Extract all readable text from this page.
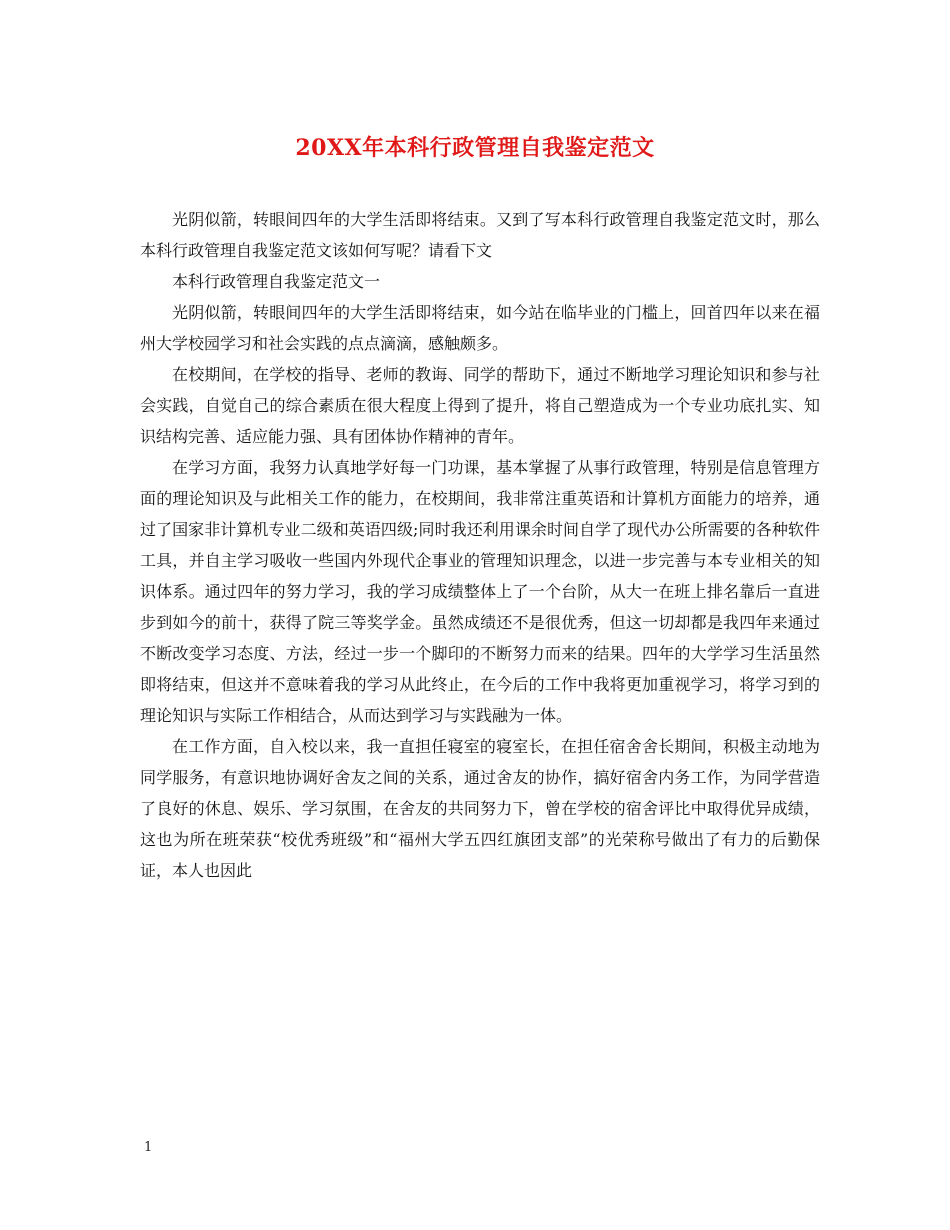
20XX年本科行政管理自我鉴定范文

光阴似箭，转眼间四年的大学生活即将结束。又到了写本科行政管理自我鉴定范文时，那么本科行政管理自我鉴定范文该如何写呢？请看下文

本科行政管理自我鉴定范文一

光阴似箭，转眼间四年的大学生活即将结束，如今站在临毕业的门槛上，回首四年以来在福州大学校园学习和社会实践的点点滴滴，感触颇多。

在校期间，在学校的指导、老师的教诲、同学的帮助下，通过不断地学习理论知识和参与社会实践，自觉自己的综合素质在很大程度上得到了提升，将自己塑造成为一个专业功底扎实、知识结构完善、适应能力强、具有团体协作精神的青年。

在学习方面，我努力认真地学好每一门功课，基本掌握了从事行政管理，特别是信息管理方面的理论知识及与此相关工作的能力，在校期间，我非常注重英语和计算机方面能力的培养，通过了国家非计算机专业二级和英语四级;同时我还利用课余时间自学了现代办公所需要的各种软件工具，并自主学习吸收一些国内外现代企事业的管理知识理念，以进一步完善与本专业相关的知识体系。通过四年的努力学习，我的学习成绩整体上了一个台阶，从大一在班上排名靠后一直进步到如今的前十，获得了院三等奖学金。虽然成绩还不是很优秀，但这一切却都是我四年来通过不断改变学习态度、方法，经过一步一个脚印的不断努力而来的结果。四年的大学学习生活虽然即将结束，但这并不意味着我的学习从此终止，在今后的工作中我将更加重视学习，将学习到的理论知识与实际工作相结合，从而达到学习与实践融为一体。

在工作方面，自入校以来，我一直担任寝室的寝室长，在担任宿舍舍长期间，积极主动地为同学服务，有意识地协调好舍友之间的关系，通过舍友的协作，搞好宿舍内务工作，为同学营造了良好的休息、娱乐、学习氛围，在舍友的共同努力下，曾在学校的宿舍评比中取得优异成绩，这也为所在班荣获“校优秀班级”和“福州大学五四红旗团支部”的光荣称号做出了有力的后勤保证，本人也因此

1
